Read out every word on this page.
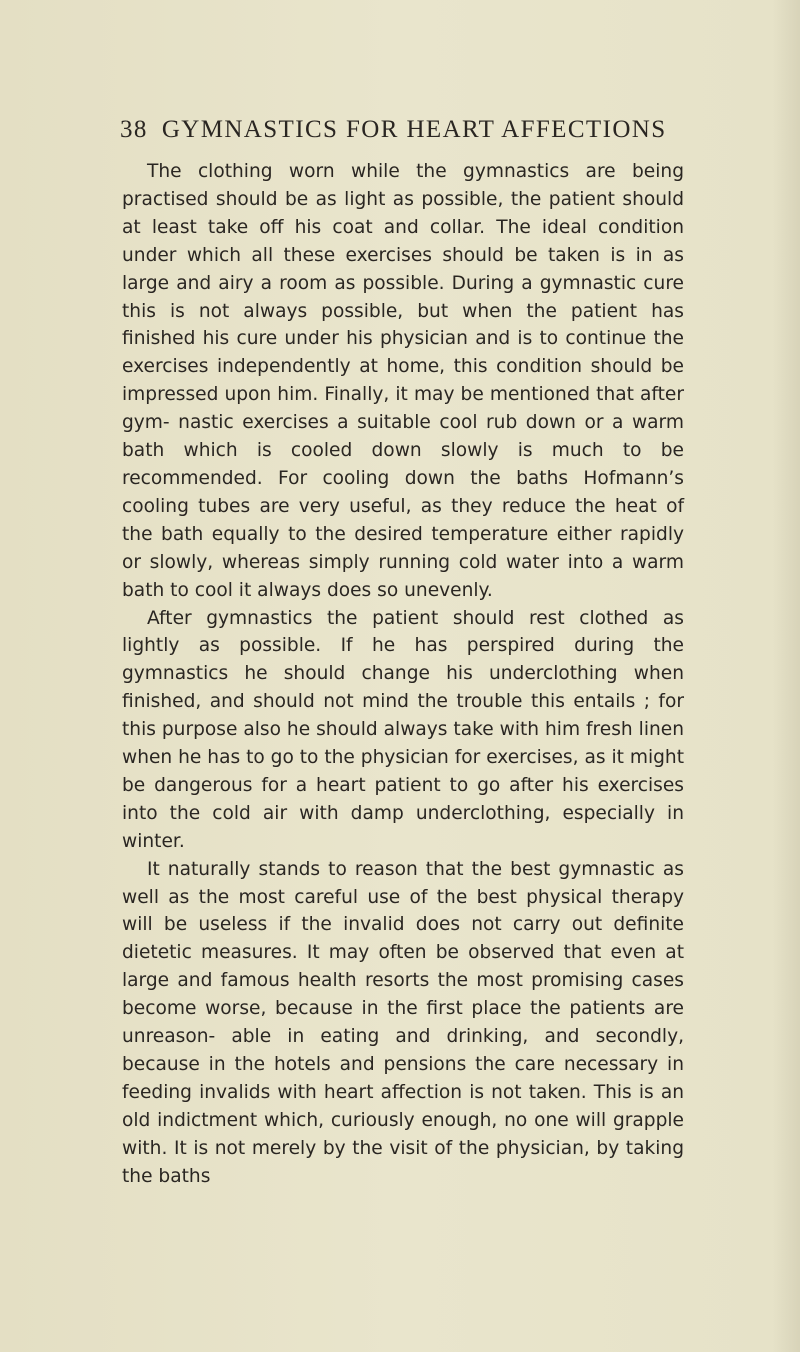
38 GYMNASTICS FOR HEART AFFECTIONS

The clothing worn while the gymnastics are being practised should be as light as possible, the patient should at least take off his coat and collar. The ideal condition under which all these exercises should be taken is in as large and airy a room as possible. During a gymnastic cure this is not always possible, but when the patient has finished his cure under his physician and is to continue the exercises independently at home, this condition should be impressed upon him. Finally, it may be mentioned that after gym- nastic exercises a suitable cool rub down or a warm bath which is cooled down slowly is much to be recommended. For cooling down the baths Hofmann’s cooling tubes are very useful, as they reduce the heat of the bath equally to the desired temperature either rapidly or slowly, whereas simply running cold water into a warm bath to cool it always does so unevenly.

After gymnastics the patient should rest clothed as lightly as possible. If he has perspired during the gymnastics he should change his underclothing when finished, and should not mind the trouble this entails ; for this purpose also he should always take with him fresh linen when he has to go to the physician for exercises, as it might be dangerous for a heart patient to go after his exercises into the cold air with damp underclothing, especially in winter.

It naturally stands to reason that the best gymnastic as well as the most careful use of the best physical therapy will be useless if the invalid does not carry out definite dietetic measures. It may often be observed that even at large and famous health resorts the most promising cases become worse, because in the first place the patients are unreason- able in eating and drinking, and secondly, because in the hotels and pensions the care necessary in feeding invalids with heart affection is not taken. This is an old indictment which, curiously enough, no one will grapple with. It is not merely by the visit of the physician, by taking the baths
